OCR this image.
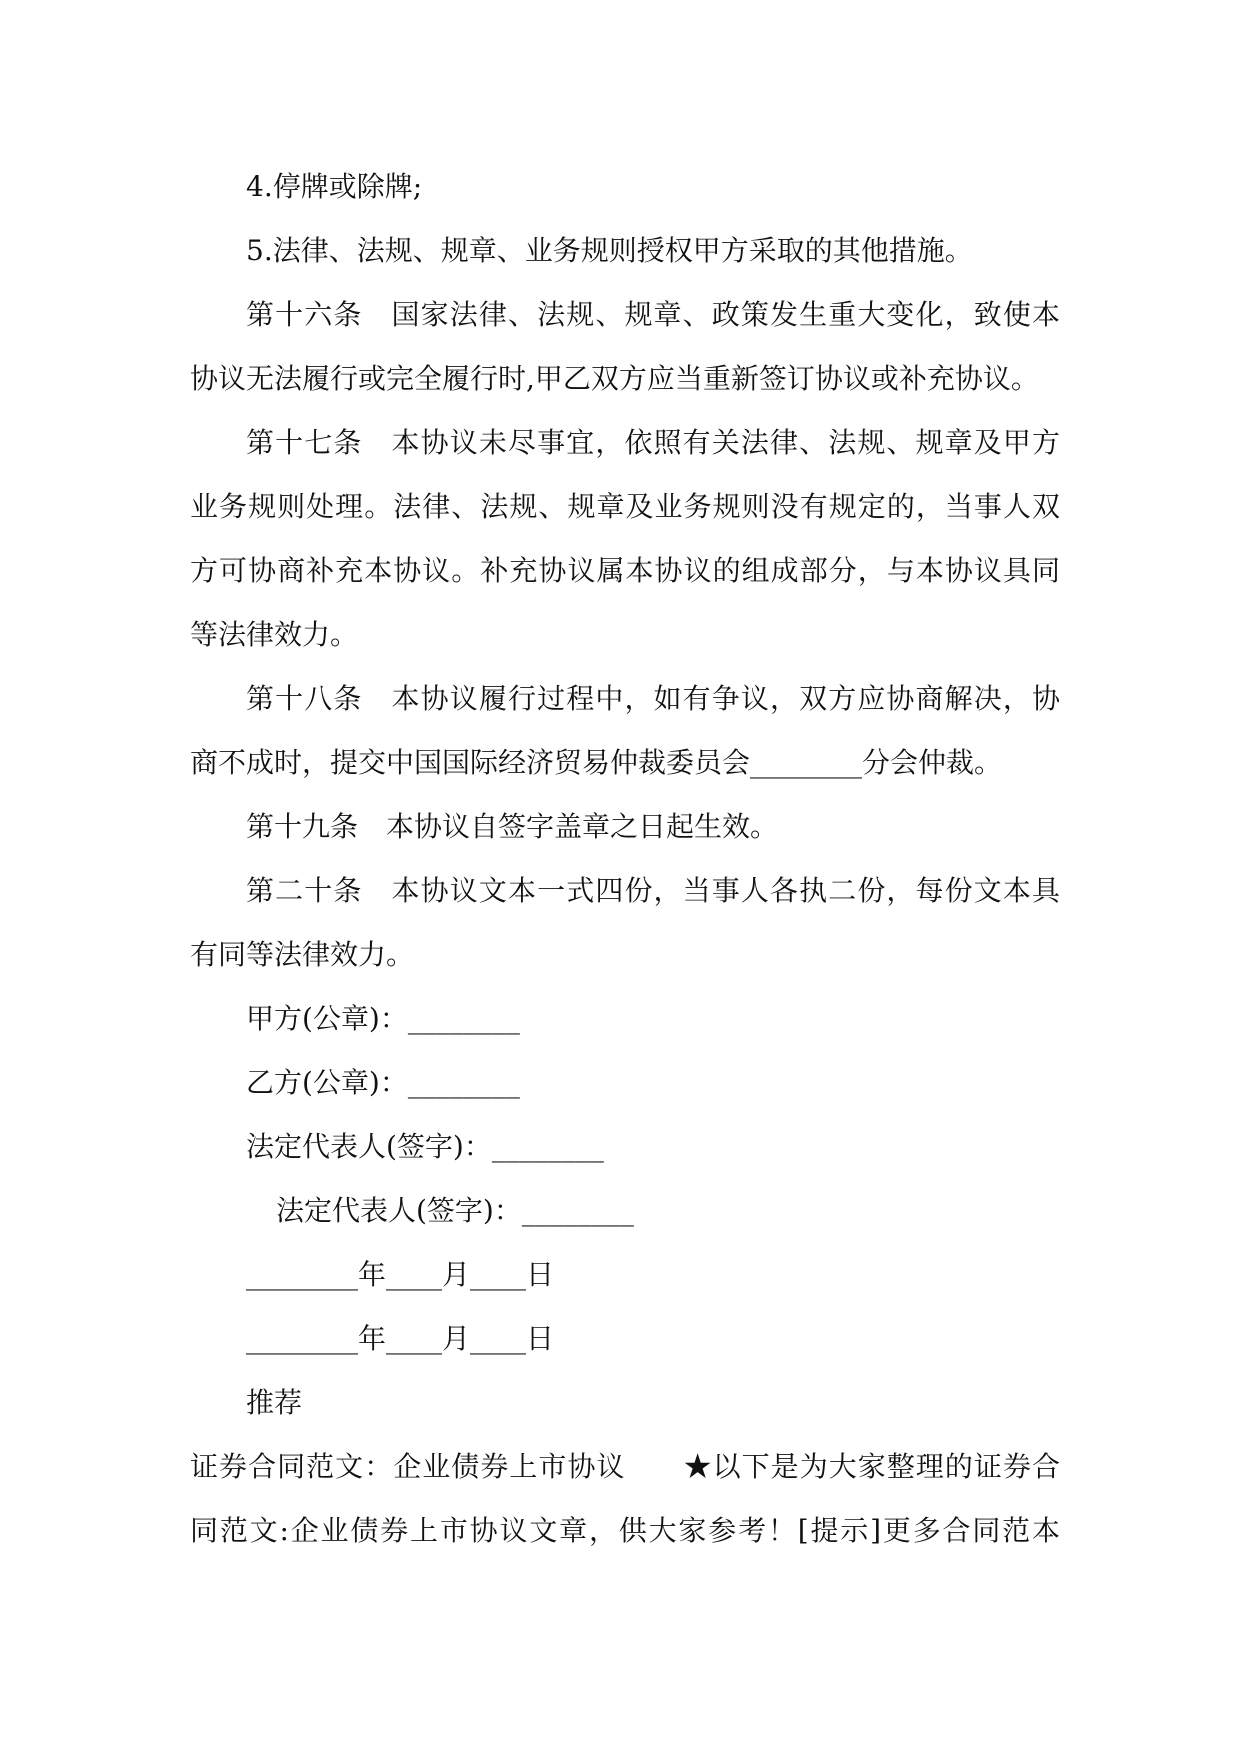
4.停牌或除牌;
5.法律、法规、规章、业务规则授权甲方采取的其他措施。
第十六条　国家法律、法规、规章、政策发生重大变化，致使本
协议无法履行或完全履行时,甲乙双方应当重新签订协议或补充协议。
第十七条　本协议未尽事宜，依照有关法律、法规、规章及甲方
业务规则处理。法律、法规、规章及业务规则没有规定的，当事人双
方可协商补充本协议。补充协议属本协议的组成部分，与本协议具同
等法律效力。
第十八条　本协议履行过程中，如有争议，双方应协商解决，协
商不成时，提交中国国际经济贸易仲裁委员会________分会仲裁。
第十九条　本协议自签字盖章之日起生效。
第二十条　本协议文本一式四份，当事人各执二份，每份文本具
有同等法律效力。
甲方(公章)：________
乙方(公章)：________
法定代表人(签字)：________
法定代表人(签字)：________
________年____月____日
________年____月____日
推荐
证券合同范文：企业债券上市协议　　★以下是为大家整理的证券合
同范文:企业债券上市协议文章，供大家参考！[提示]更多合同范本
